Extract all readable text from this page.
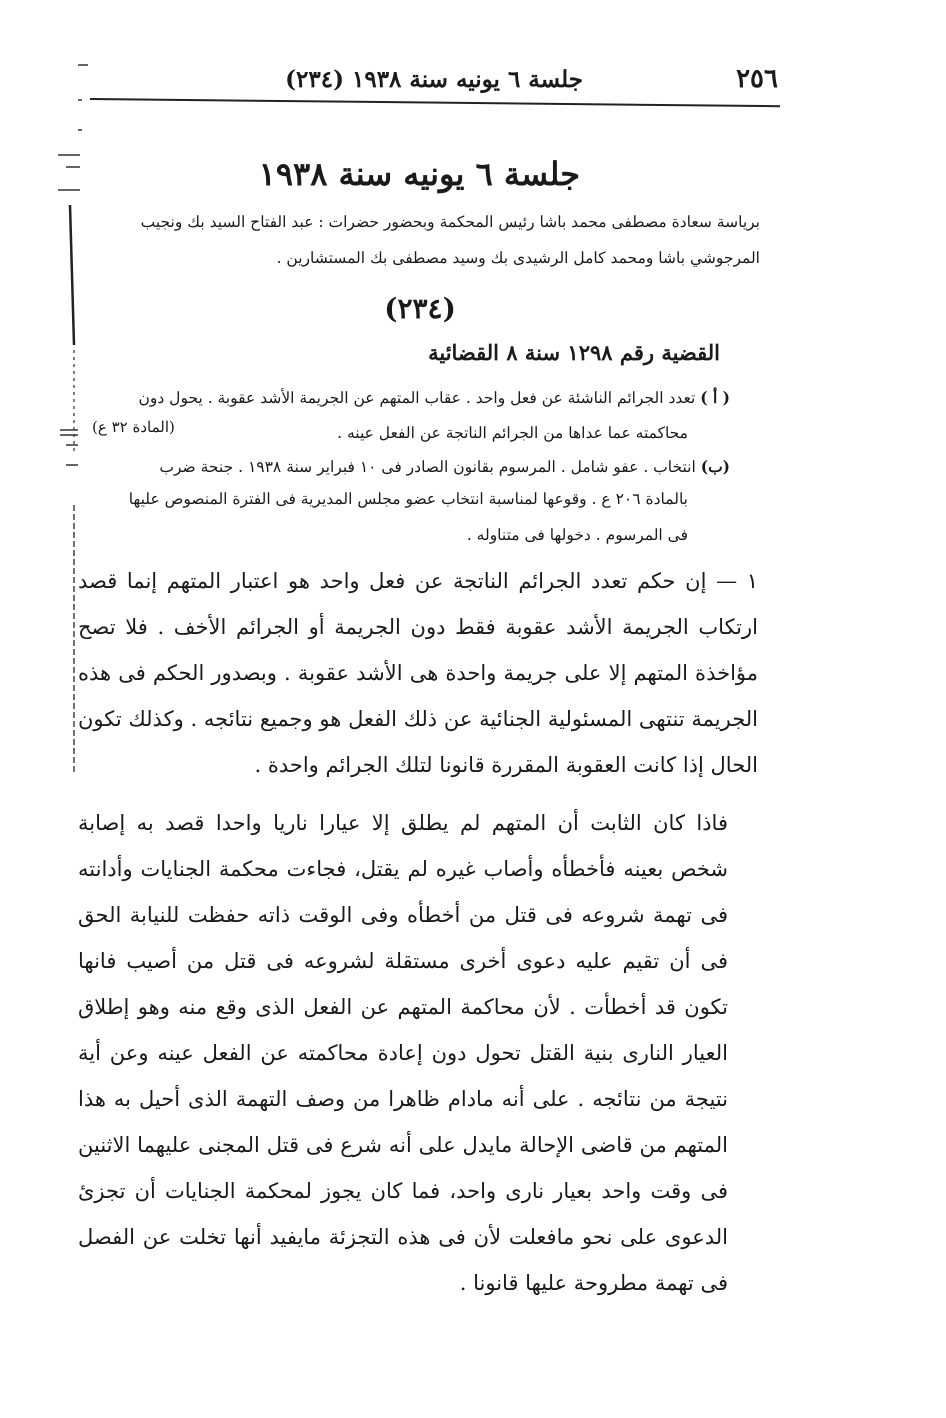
٢٥٦
جلسة ٦ يونيه سنة ١٩٣٨ (٢٣٤)
جلسة ٦ يونيه سنة ١٩٣٨
برياسة سعادة مصطفى محمد باشا رئيس المحكمة وبحضور حضرات : عبد الفتاح السيد بك ونجيب المرجوشي باشا ومحمد كامل الرشيدى بك وسيد مصطفى بك المستشارين .
(٢٣٤)
القضية رقم ١٢٩٨ سنة ٨ القضائية
( أ ) تعدد الجرائم الناشئة عن فعل واحد . عقاب المتهم عن الجريمة الأشد عقوبة . يحول دون
محاكمته عما عداها من الجرائم الناتجة عن الفعل عينه .
(المادة ٣٢ ع)
(ب) انتخاب . عفو شامل . المرسوم بقانون الصادر فى ١٠ فبراير سنة ١٩٣٨ . جنحة ضرب
بالمادة ٢٠٦ ع . وقوعها لمناسبة انتخاب عضو مجلس المديرية فى الفترة المنصوص عليها
فى المرسوم . دخولها فى متناوله .

١ — إن حكم تعدد الجرائم الناتجة عن فعل واحد هو اعتبار المتهم إنما قصد ارتكاب الجريمة الأشد عقوبة فقط دون الجريمة أو الجرائم الأخف . فلا تصح مؤاخذة المتهم إلا على جريمة واحدة هى الأشد عقوبة . وبصدور الحكم فى هذه الجريمة تنتهى المسئولية الجنائية عن ذلك الفعل هو وجميع نتائجه . وكذلك تكون الحال إذا كانت العقوبة المقررة قانونا لتلك الجرائم واحدة .

فاذا كان الثابت أن المتهم لم يطلق إلا عيارا ناريا واحدا قصد به إصابة شخص بعينه فأخطأه وأصاب غيره لم يقتل، فجاءت محكمة الجنايات وأدانته فى تهمة شروعه فى قتل من أخطأه وفى الوقت ذاته حفظت للنيابة الحق فى أن تقيم عليه دعوى أخرى مستقلة لشروعه فى قتل من أصيب فانها تكون قد أخطأت . لأن محاكمة المتهم عن الفعل الذى وقع منه وهو إطلاق العيار النارى بنية القتل تحول دون إعادة محاكمته عن الفعل عينه وعن أية نتيجة من نتائجه . على أنه مادام ظاهرا من وصف التهمة الذى أحيل به هذا المتهم من قاضى الإحالة مايدل على أنه شرع فى قتل المجنى عليهما الاثنين فى وقت واحد بعيار نارى واحد، فما كان يجوز لمحكمة الجنايات أن تجزئ الدعوى على نحو مافعلت لأن فى هذه التجزئة مايفيد أنها تخلت عن الفصل فى تهمة مطروحة عليها قانونا .
